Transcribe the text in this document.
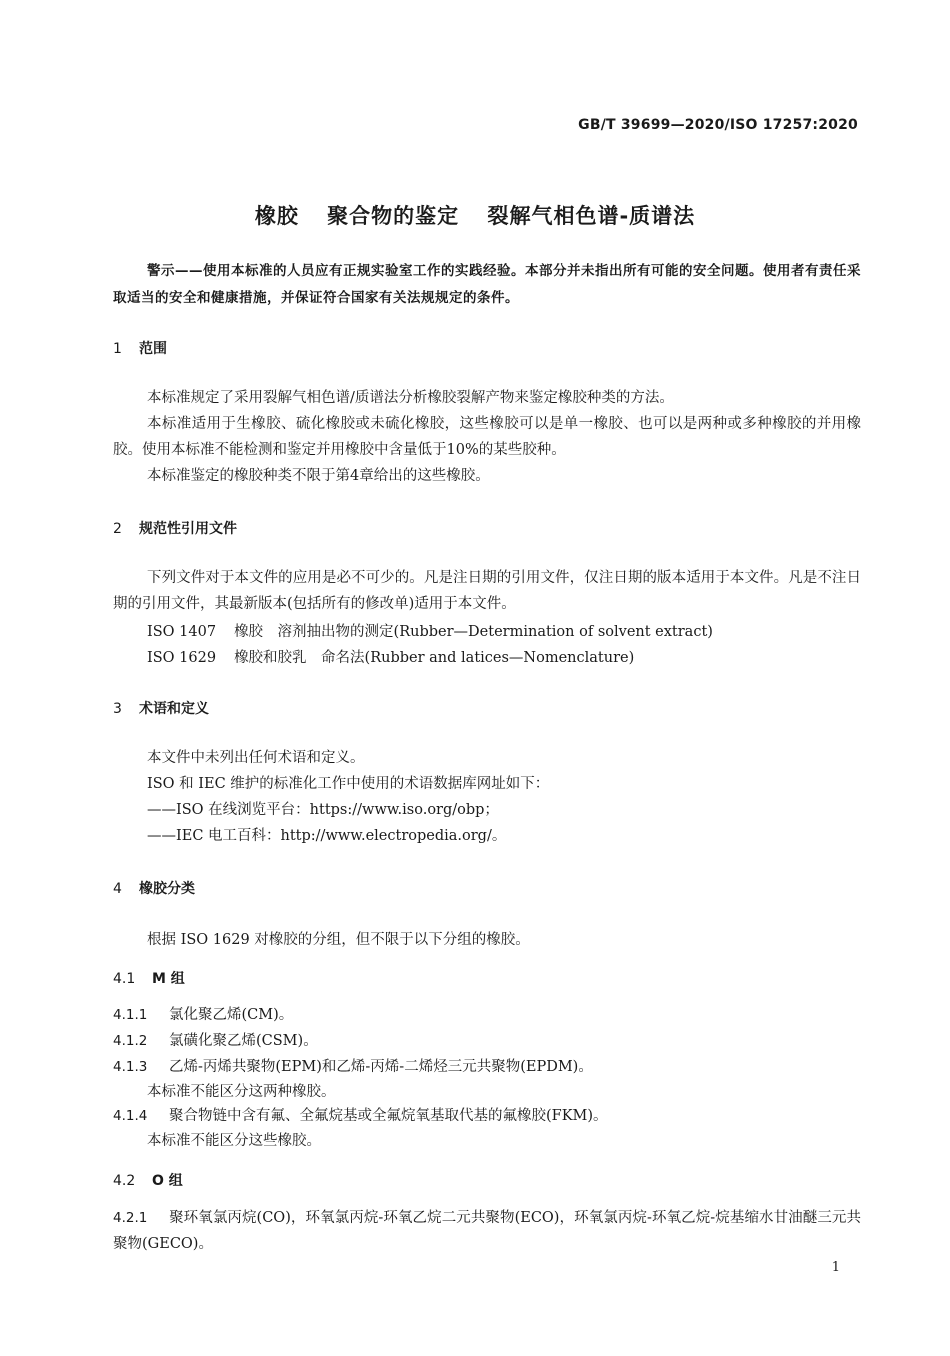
GB/T 39699—2020/ISO 17257:2020
橡胶 聚合物的鉴定 裂解气相色谱-质谱法
警示——使用本标准的人员应有正规实验室工作的实践经验。本部分并未指出所有可能的安全问题。使用者有责任采取适当的安全和健康措施，并保证符合国家有关法规规定的条件。
1 范围
本标准规定了采用裂解气相色谱/质谱法分析橡胶裂解产物来鉴定橡胶种类的方法。
本标准适用于生橡胶、硫化橡胶或未硫化橡胶，这些橡胶可以是单一橡胶、也可以是两种或多种橡胶的并用橡胶。使用本标准不能检测和鉴定并用橡胶中含量低于10%的某些胶种。
本标准鉴定的橡胶种类不限于第4章给出的这些橡胶。
2 规范性引用文件
下列文件对于本文件的应用是必不可少的。凡是注日期的引用文件，仅注日期的版本适用于本文件。凡是不注日期的引用文件，其最新版本(包括所有的修改单)适用于本文件。
ISO 1407 橡胶　溶剂抽出物的测定(Rubber—Determination of solvent extract)
ISO 1629 橡胶和胶乳　命名法(Rubber and latices—Nomenclature)
3 术语和定义
本文件中未列出任何术语和定义。
ISO 和 IEC 维护的标准化工作中使用的术语数据库网址如下：
——ISO 在线浏览平台：https://www.iso.org/obp；
——IEC 电工百科：http://www.electropedia.org/。
4 橡胶分类
根据 ISO 1629 对橡胶的分组，但不限于以下分组的橡胶。
4.1 M 组
4.1.1 氯化聚乙烯(CM)。
4.1.2 氯磺化聚乙烯(CSM)。
4.1.3 乙烯-丙烯共聚物(EPM)和乙烯-丙烯-二烯烃三元共聚物(EPDM)。
本标准不能区分这两种橡胶。
4.1.4 聚合物链中含有氟、全氟烷基或全氟烷氧基取代基的氟橡胶(FKM)。
本标准不能区分这些橡胶。
4.2 O 组
4.2.1 聚环氧氯丙烷(CO)，环氧氯丙烷-环氧乙烷二元共聚物(ECO)，环氧氯丙烷-环氧乙烷-烷基缩水甘油醚三元共聚物(GECO)。
1
